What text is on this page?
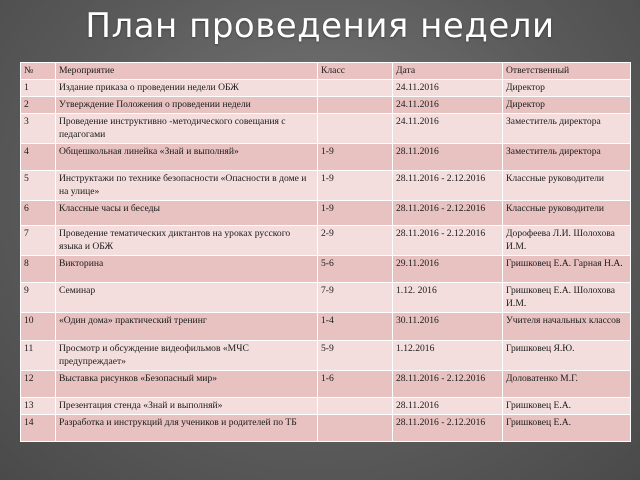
План проведения недели
№	Мероприятие	Класс	Дата	Ответственный
1	Издание приказа о проведении недели ОБЖ		24.11.2016	Директор
2	Утверждение Положения о проведении недели		24.11.2016	Директор
3	Проведение инструктивно -методического совещания с педагогами		24.11.2016	Заместитель директора
4	Общешкольная линейка «Знай и выполняй»	1-9	28.11.2016	Заместитель директора
5	Инструктажи по технике безопасности «Опасности в доме и на улице»	1-9	28.11.2016 - 2.12.2016	Классные руководители
6	Классные часы и беседы	1-9	28.11.2016 - 2.12.2016	Классные руководители
7	Проведение тематических диктантов на уроках русского языка и ОБЖ	2-9	28.11.2016 - 2.12.2016	Дорофеева Л.И. Шолохова И.М.
8	Викторина	5-6	29.11.2016	Гришковец Е.А. Гарная Н.А.
9	Семинар	7-9	1.12. 2016	Гришковец Е.А. Шолохова И.М.
10	«Один дома» практический тренинг	1-4	30.11.2016	Учителя начальных классов
11	Просмотр и обсуждение видеофильмов «МЧС предупреждает»	5-9	1.12.2016	Гришковец Я.Ю.
12	Выставка рисунков «Безопасный мир»	1-6	28.11.2016 - 2.12.2016	Доловатенко М.Г.
13	Презентация стенда «Знай и выполняй»		28.11.2016	Гришковец Е.А.
14	Разработка и инструкций для учеников и родителей по ТБ		28.11.2016 - 2.12.2016	Гришковец Е.А.
